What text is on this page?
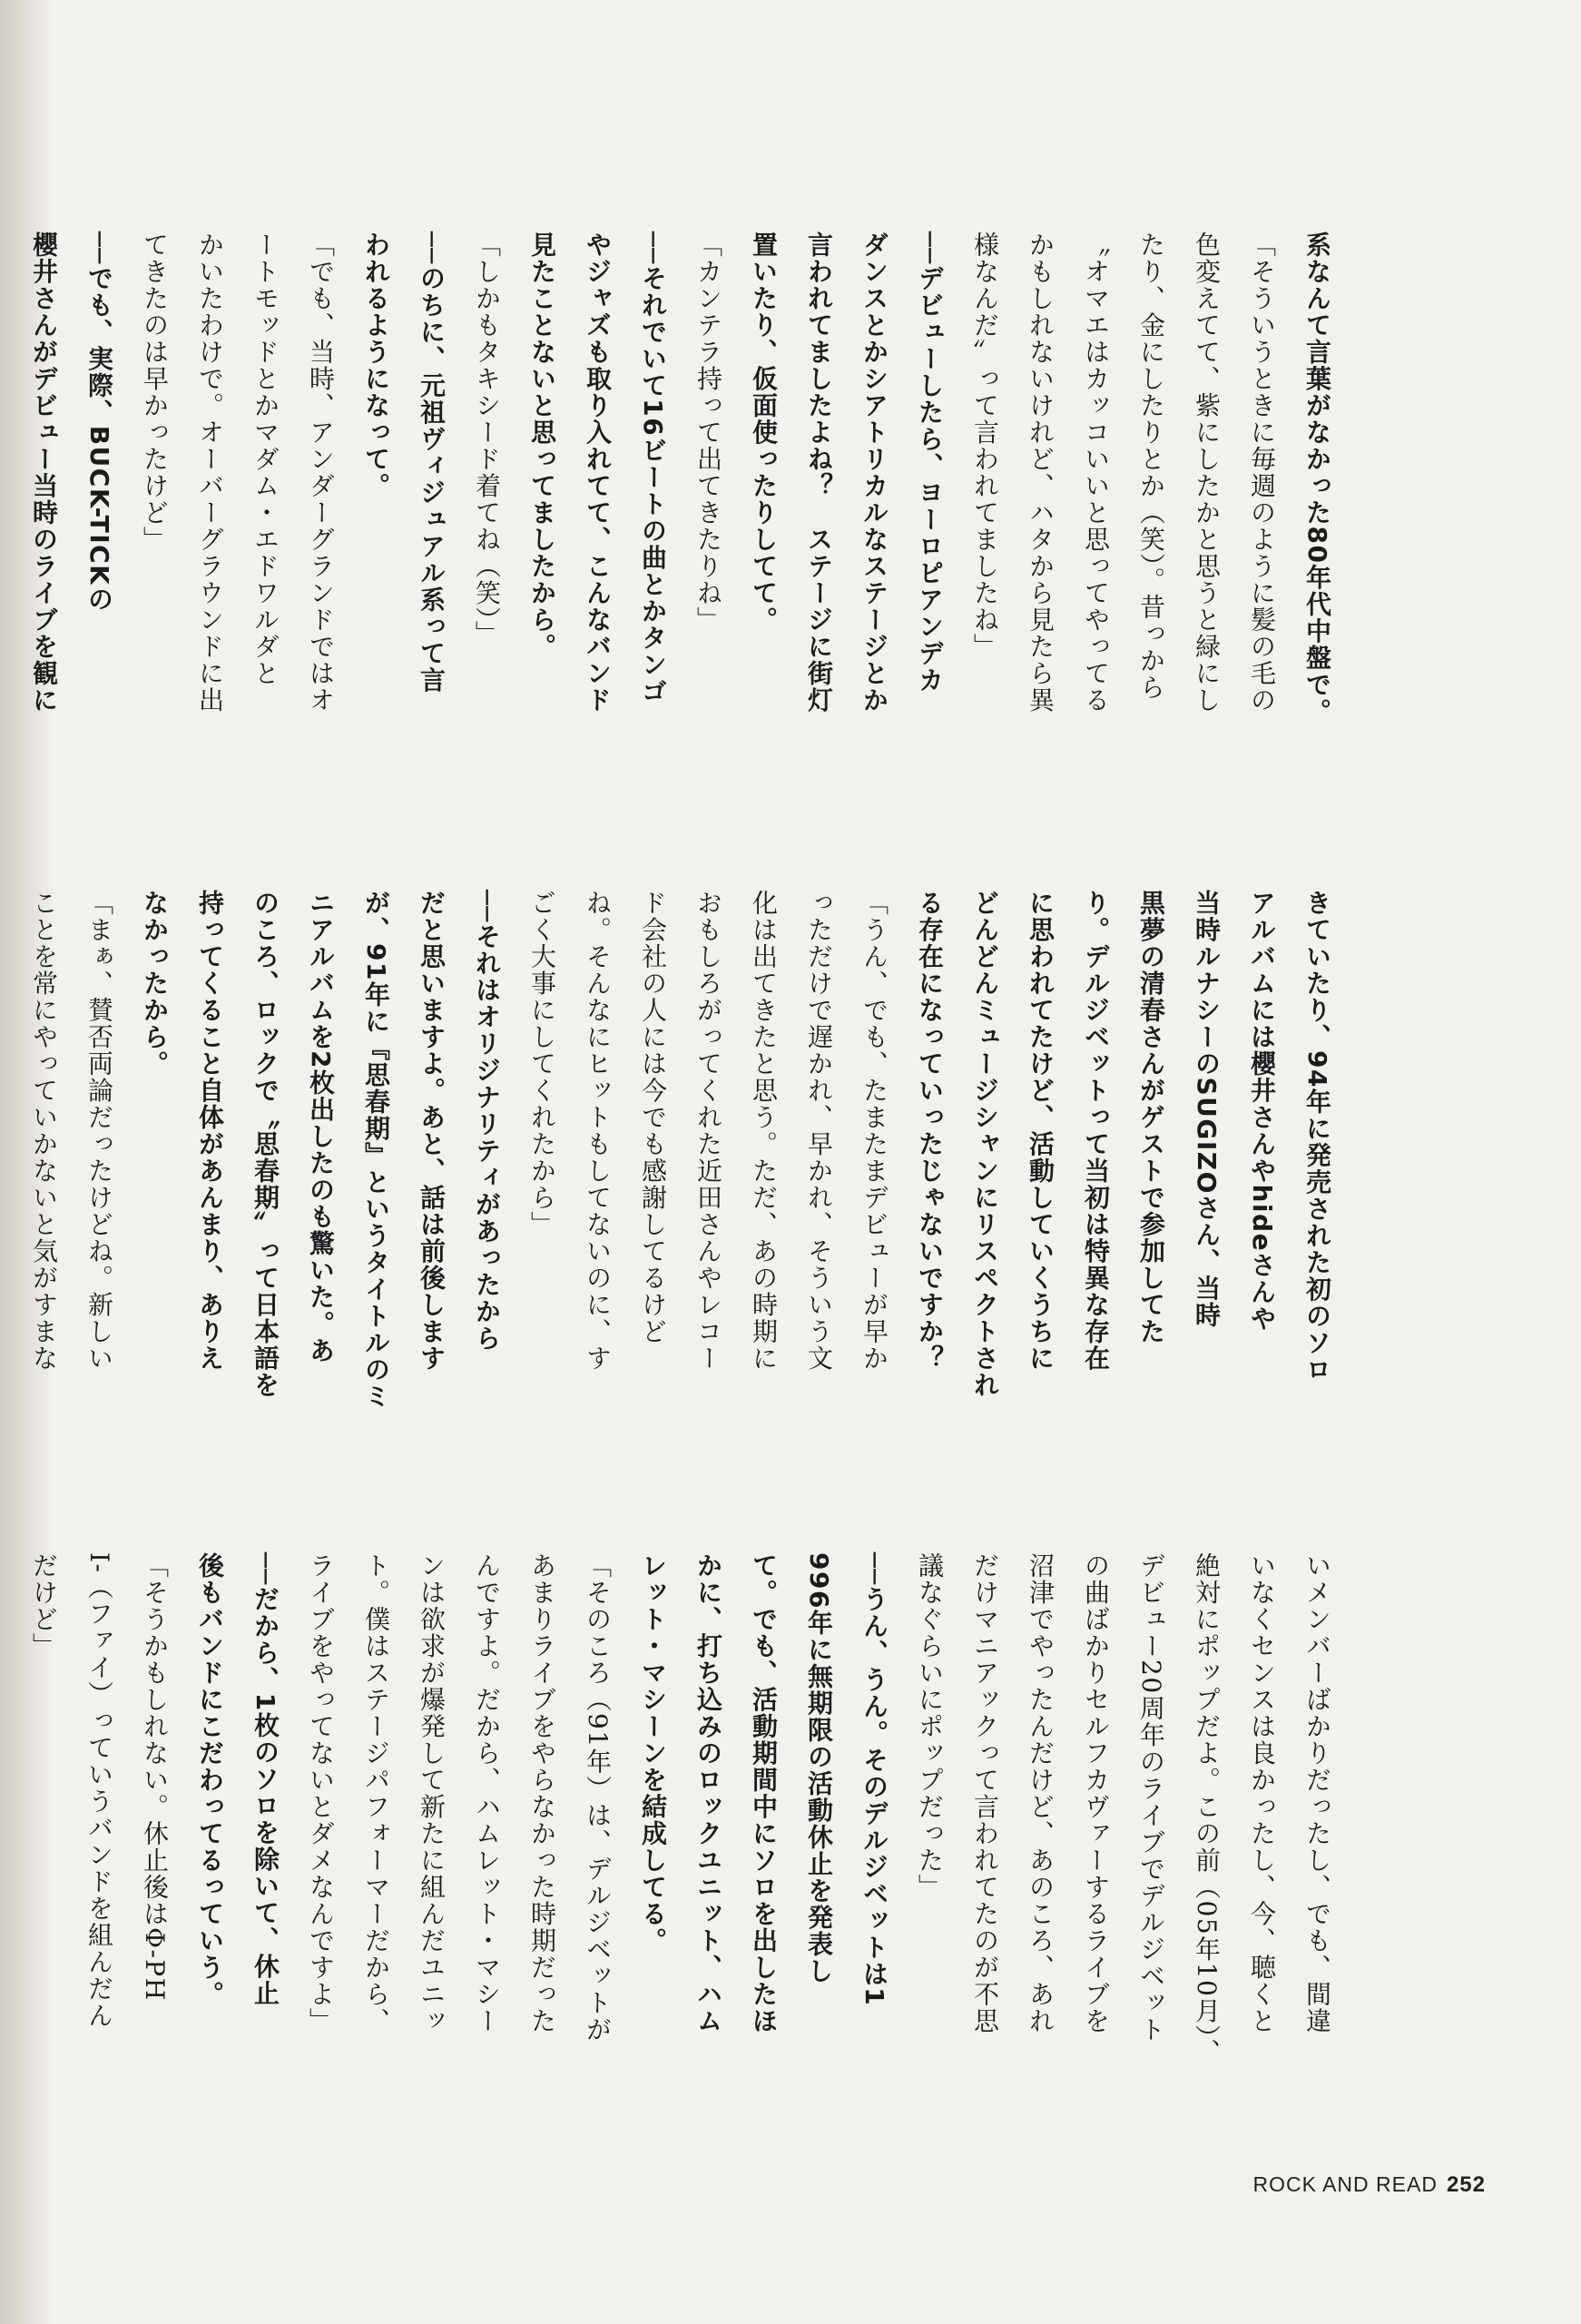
系なんて言葉がなかった80年代中盤で。
「そういうときに毎週のように髪の毛の
色変えてて、紫にしたかと思うと緑にし
たり、金にしたりとか（笑）。昔っから
〝オマエはカッコいいと思ってやってる
かもしれないけれど、ハタから見たら異
様なんだ〟って言われてましたね」
──デビューしたら、ヨーロピアンデカ
ダンスとかシアトリカルなステージとか
言われてましたよね？　ステージに街灯
置いたり、仮面使ったりしてて。
「カンテラ持って出てきたりね」
──それでいて16ビートの曲とかタンゴ
やジャズも取り入れてて、こんなバンド
見たことないと思ってましたから。
「しかもタキシード着てね（笑）」
──のちに、元祖ヴィジュアル系って言
われるようになって。
「でも、当時、アンダーグランドではオ
ートモッドとかマダム・エドワルダと
かいたわけで。オーバーグラウンドに出
てきたのは早かったけど」
──でも、実際、BUCK-TICKの
櫻井さんがデビュー当時のライブを観に
きていたり、94年に発売された初のソロ
アルバムには櫻井さんやhideさんや
当時ルナシーのSUGIZOさん、当時
黒夢の清春さんがゲストで参加してた
り。デルジベットって当初は特異な存在
に思われてたけど、活動していくうちに
どんどんミュージシャンにリスペクトされ
る存在になっていったじゃないですか？
「うん、でも、たまたまデビューが早か
っただけで遅かれ、早かれ、そういう文
化は出てきたと思う。ただ、あの時期に
おもしろがってくれた近田さんやレコー
ド会社の人には今でも感謝してるけど
ね。そんなにヒットもしてないのに、す
ごく大事にしてくれたから」
──それはオリジナリティがあったから
だと思いますよ。あと、話は前後します
が、91年に『思春期』というタイトルのミ
ニアルバムを2枚出したのも驚いた。あ
のころ、ロックで〝思春期〟って日本語を
持ってくること自体があんまり、ありえ
なかったから。
「まぁ、賛否両論だったけどね。新しい
ことを常にやっていかないと気がすまな
いメンバーばかりだったし、でも、間違
いなくセンスは良かったし、今、聴くと
絶対にポップだよ。この前（05年10月）、
デビュー20周年のライブでデルジベット
の曲ばかりセルフカヴァーするライブを
沼津でやったんだけど、あのころ、あれ
だけマニアックって言われてたのが不思
議なぐらいにポップだった」
──うん、うん。そのデルジベットは1
996年に無期限の活動休止を発表し
て。でも、活動期間中にソロを出したほ
かに、打ち込みのロックユニット、ハム
レット・マシーンを結成してる。
「そのころ（91年）は、デルジベットが
あまりライブをやらなかった時期だった
んですよ。だから、ハムレット・マシー
ンは欲求が爆発して新たに組んだユニッ
ト。僕はステージパフォーマーだから、
ライブをやってないとダメなんですよ」
──だから、1枚のソロを除いて、休止
後もバンドにこだわってるっていう。
「そうかもしれない。休止後はΦ-PH
I-（ファイ）っていうバンドを組んだん
だけど」
ROCK AND READ 252
